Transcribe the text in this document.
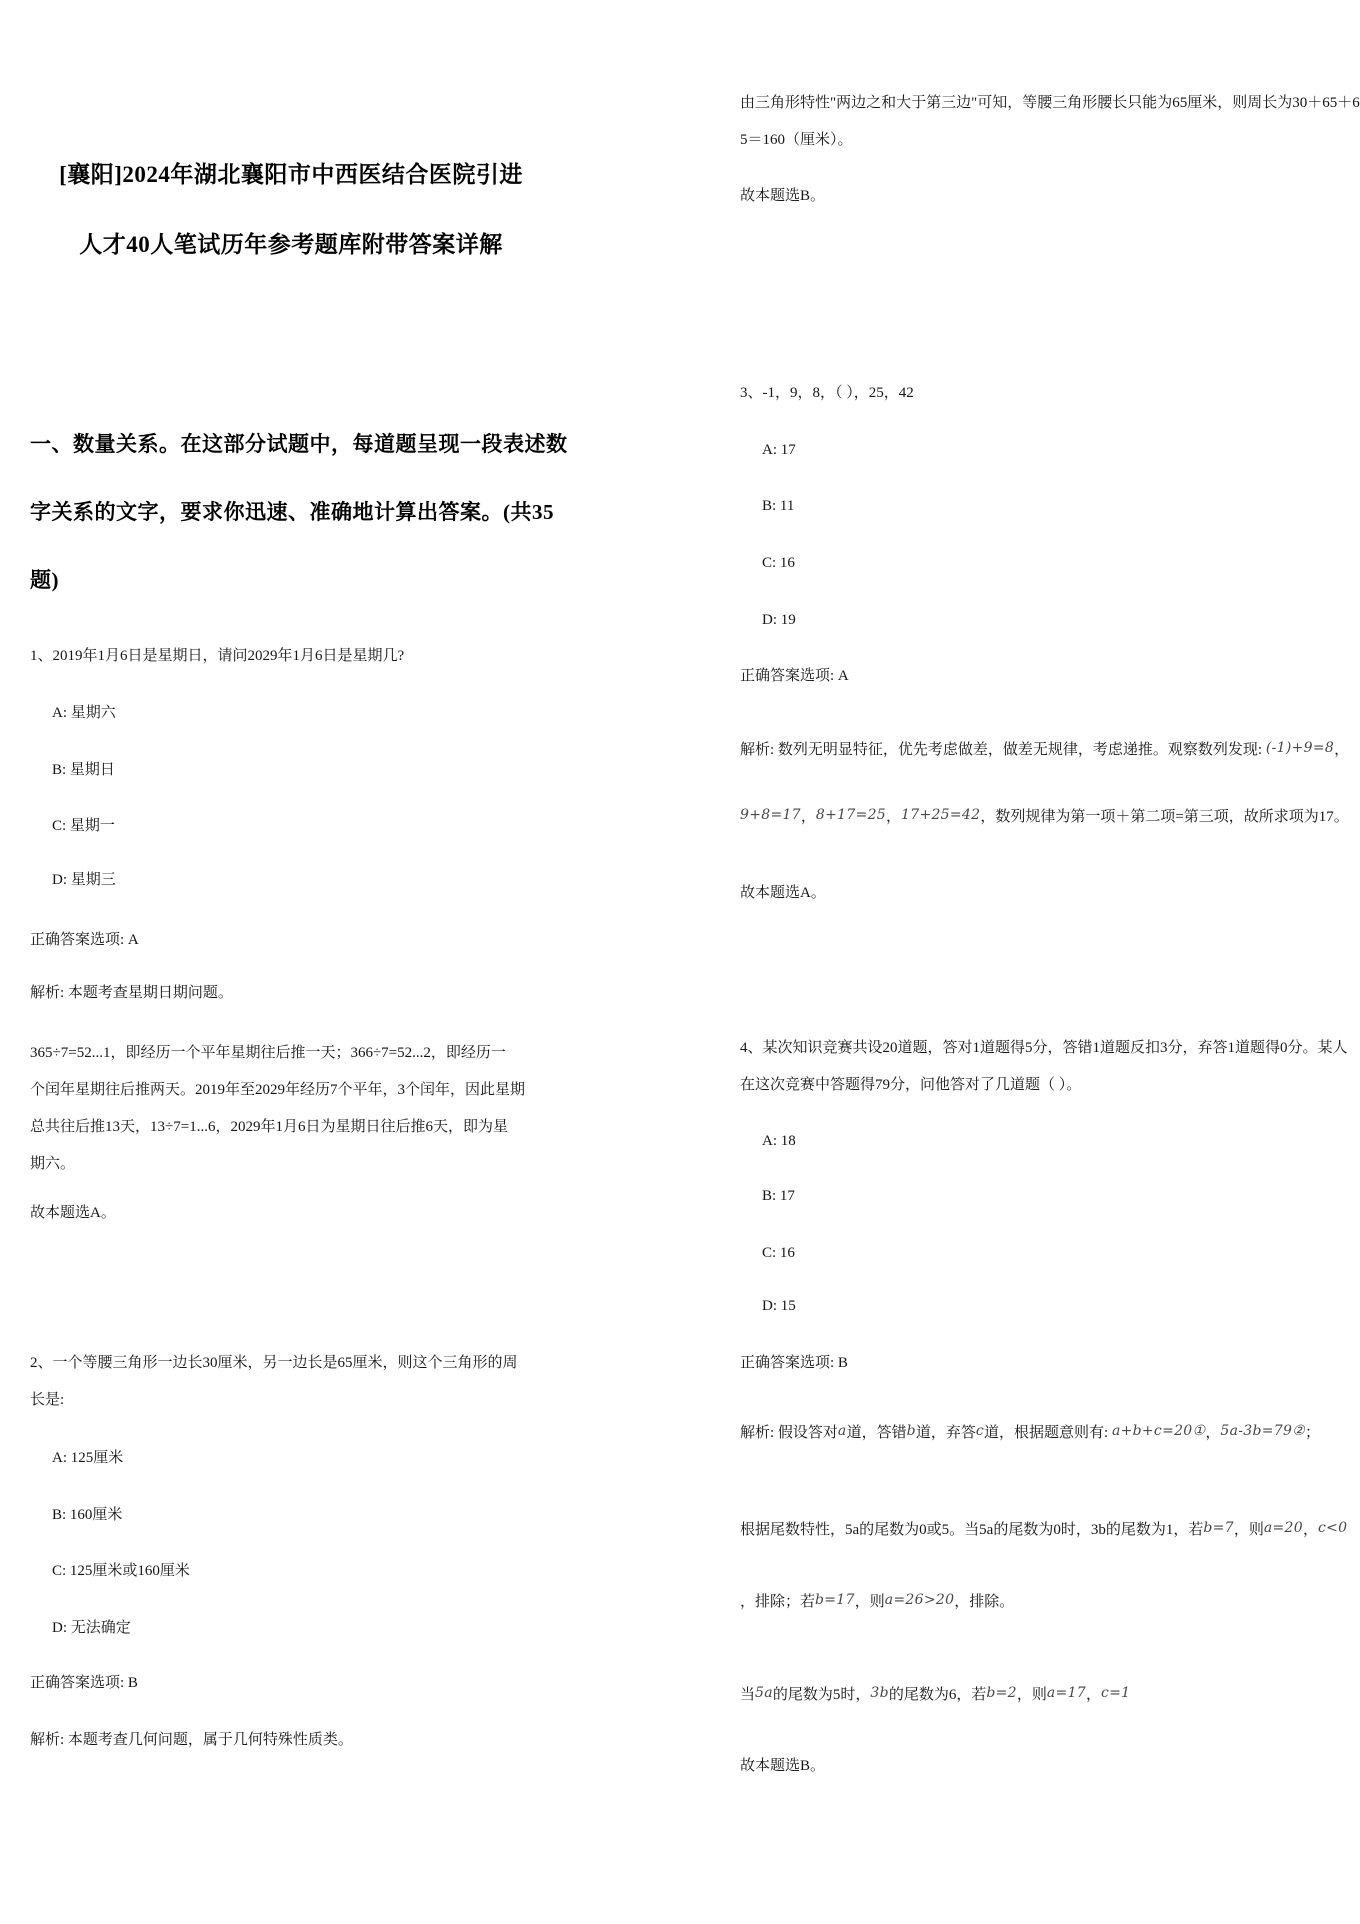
[襄阳]2024年湖北襄阳市中西医结合医院引进
人才40人笔试历年参考题库附带答案详解
一、数量关系。在这部分试题中，每道题呈现一段表述数
字关系的文字，要求你迅速、准确地计算出答案。(共35
题)
1、2019年1月6日是星期日，请问2029年1月6日是星期几?
A: 星期六
B: 星期日
C: 星期一
D: 星期三
正确答案选项: A
解析: 本题考查星期日期问题。
365÷7=52...1，即经历一个平年星期往后推一天；366÷7=52...2，即经历一
个闰年星期往后推两天。2019年至2029年经历7个平年，3个闰年，因此星期
总共往后推13天，13÷7=1...6，2029年1月6日为星期日往后推6天，即为星
期六。
故本题选A。
2、一个等腰三角形一边长30厘米，另一边长是65厘米，则这个三角形的周
长是:
A: 125厘米
B: 160厘米
C: 125厘米或160厘米
D: 无法确定
正确答案选项: B
解析: 本题考查几何问题，属于几何特殊性质类。
由三角形特性"两边之和大于第三边"可知，等腰三角形腰长只能为65厘米，则周长为30＋65＋6
5＝160（厘米）。
故本题选B。
3、-1，9，8，（ ），25，42
A: 17
B: 11
C: 16
D: 19
正确答案选项: A
解析: 数列无明显特征，优先考虑做差，做差无规律，考虑递推。观察数列发现: (-1)+9=8，
9+8=17，8+17=25，17+25=42，数列规律为第一项＋第二项=第三项，故所求项为17。
故本题选A。
4、某次知识竞赛共设20道题，答对1道题得5分，答错1道题反扣3分，弃答1道题得0分。某人
在这次竞赛中答题得79分，问他答对了几道题（ ）。
A: 18
B: 17
C: 16
D: 15
正确答案选项: B
解析: 假设答对a道，答错b道，弃答c道，根据题意则有: a+b+c=20①，5a-3b=79②；
根据尾数特性，5a的尾数为0或5。当5a的尾数为0时，3b的尾数为1，若b=7，则a=20，c<0
，排除；若b=17，则a=26>20，排除。
当5a的尾数为5时，3b的尾数为6，若b=2，则a=17，c=1
故本题选B。
